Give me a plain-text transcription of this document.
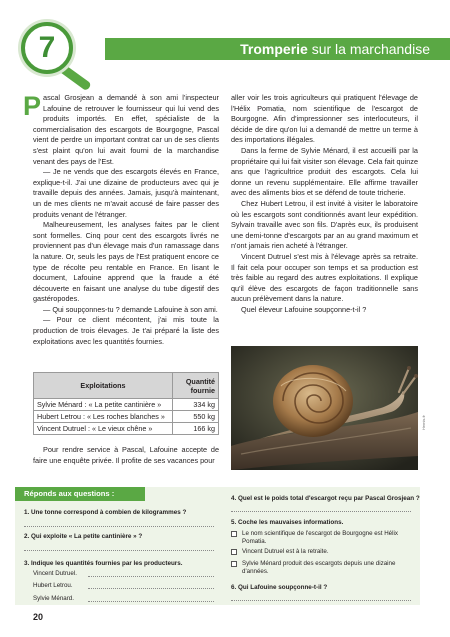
Tromperie sur la marchandise
7

Pascal Grosjean a demandé à son ami l'inspecteur Lafouine de retrouver le fournisseur qui lui vend des produits importés. En effet, spécialiste de la commercialisation des escargots de Bourgogne, Pascal vient de perdre un important contrat car un de ses clients s'est plaint qu'on lui avait fourni de la marchandise venant des pays de l'Est.

— Je ne vends que des escargots élevés en France, explique-t-il. J'ai une dizaine de producteurs avec qui je travaille depuis des années. Jamais, jusqu'à maintenant, un de mes clients ne m'avait accusé de faire passer des produits venant de l'étranger.

Malheureusement, les analyses faites par le client sont formelles. Cinq pour cent des escargots livrés ne proviennent pas d'un élevage mais d'un ramassage dans la nature. Or, seuls les pays de l'Est pratiquent encore ce type de récolte peu rentable en France. En lisant le document, Lafouine apprend que la fraude a été découverte en faisant une analyse du tube digestif des gastéropodes.

— Qui soupçonnes-tu ? demande Lafouine à son ami.

— Pour ce client mécontent, j'ai mis toute la production de trois élevages. Je t'ai préparé la liste des exploitations avec les quantités fournies.

Exploitations	Quantité fournie
Sylvie Ménard : « La petite cantinière »	334 kg
Hubert Letrou : « Les roches blanches »	550 kg
Vincent Dutruel : « Le vieux chêne »	166 kg
Pour rendre service à Pascal, Lafouine accepte de faire une enquête privée. Il profite de ses vacances pour

aller voir les trois agriculteurs qui pratiquent l'élevage de l'Hélix Pomatia, nom scientifique de l'escargot de Bourgogne. Afin d'impressionner ses interlocuteurs, il décide de dire qu'on lui a demandé de mettre un terme à des importations illégales.

Dans la ferme de Sylvie Ménard, il est accueilli par la propriétaire qui lui fait visiter son élevage. Cela fait quinze ans que l'agricultrice produit des escargots. Cela lui donne un revenu supplémentaire. Elle affirme travailler avec des aliments bios et se défend de toute tricherie.

Chez Hubert Letrou, il est invité à visiter le laboratoire où les escargots sont conditionnés avant leur expédition. Sylvain travaille avec son fils. D'après eux, ils produisent une demi-tonne d'escargots par an au grand maximum et n'ont jamais rien acheté à l'étranger.

Vincent Dutruel s'est mis à l'élevage après sa retraite. Il fait cela pour occuper son temps et sa production est très faible au regard des autres exploitations. Il explique qu'il élève des escargots de façon traditionnelle sans aucun prélèvement dans la nature.

Quel éleveur Lafouine soupçonne-t-il ?

Hemis.fr
Réponds aux questions :
1. Une tonne correspond à combien de kilogrammes ?
2. Qui exploite « La petite cantinière » ?
3. Indique les quantités fournies par les producteurs.
Vincent Dutruel.
Hubert Letrou.
Sylvie Ménard.
4. Quel est le poids total d'escargot reçu par Pascal Grosjean ?
5. Coche les mauvaises informations.
Le nom scientifique de l'escargot de Bourgogne est Hélix Pomatia.
Vincent Dutruel est à la retraite.
Sylvie Ménard produit des escargots depuis une dizaine d'années.
6. Qui Lafouine soupçonne-t-il ?
20
